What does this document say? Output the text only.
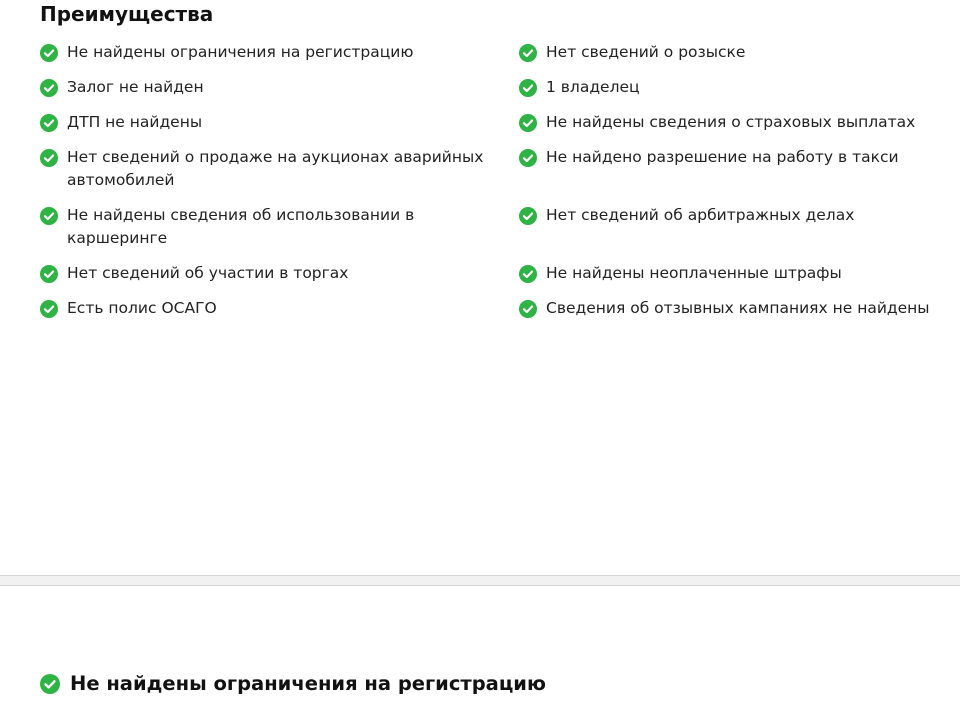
Преимущества
Не найдены ограничения на регистрацию
Залог не найден
ДТП не найдены
Нет сведений о продаже на аукционах аварийных автомобилей
Не найдены сведения об использовании в каршеринге
Нет сведений об участии в торгах
Есть полис ОСАГО
Нет сведений о розыске
1 владелец
Не найдены сведения о страховых выплатах
Не найдено разрешение на работу в такси
Нет сведений об арбитражных делах
Не найдены неоплаченные штрафы
Сведения об отзывных кампаниях не найдены
Не найдены ограничения на регистрацию
